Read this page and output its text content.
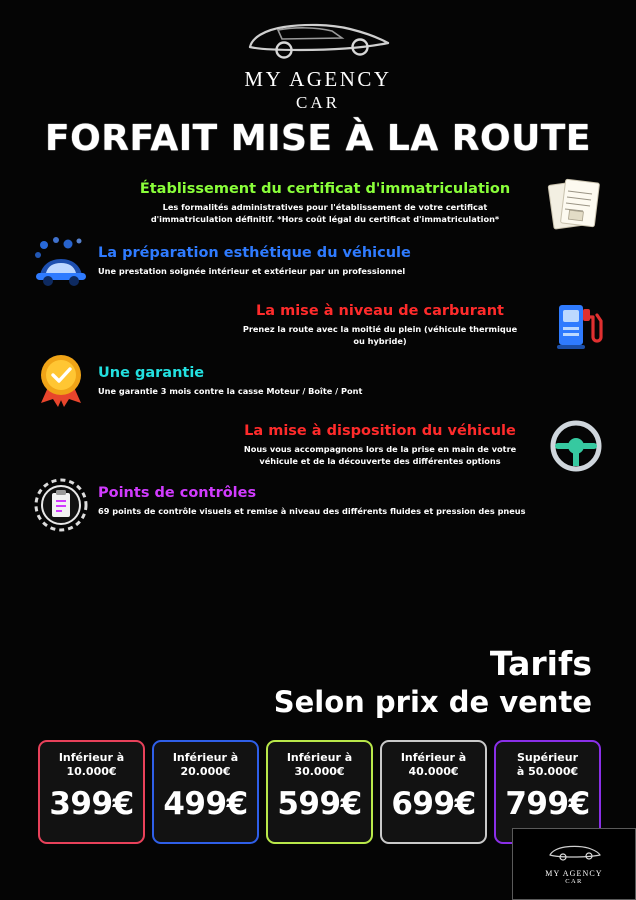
MY AGENCY
CAR
FORFAIT MISE À LA ROUTE
Établissement du certificat d'immatriculation
Les formalités administratives pour l'établissement de votre certificat d'immatriculation définitif. *Hors coût légal du certificat d'immatriculation*
La préparation esthétique du véhicule
Une prestation soignée intérieur et extérieur par un professionnel
La mise à niveau de carburant
Prenez la route avec la moitié du plein (véhicule thermique ou hybride)
Une garantie
Une garantie 3 mois contre la casse Moteur / Boîte / Pont
La mise à disposition du véhicule
Nous vous accompagnons lors de la prise en main de votre véhicule et de la découverte des différentes options
Points de contrôles
69 points de contrôle visuels et remise à niveau des différents fluides et pression des pneus
Tarifs
Selon prix de vente
Inférieur à
10.000€
399€
Inférieur à
20.000€
499€
Inférieur à
30.000€
599€
Inférieur à
40.000€
699€
Supérieur
à 50.000€
799€
MY AGENCY
CAR
